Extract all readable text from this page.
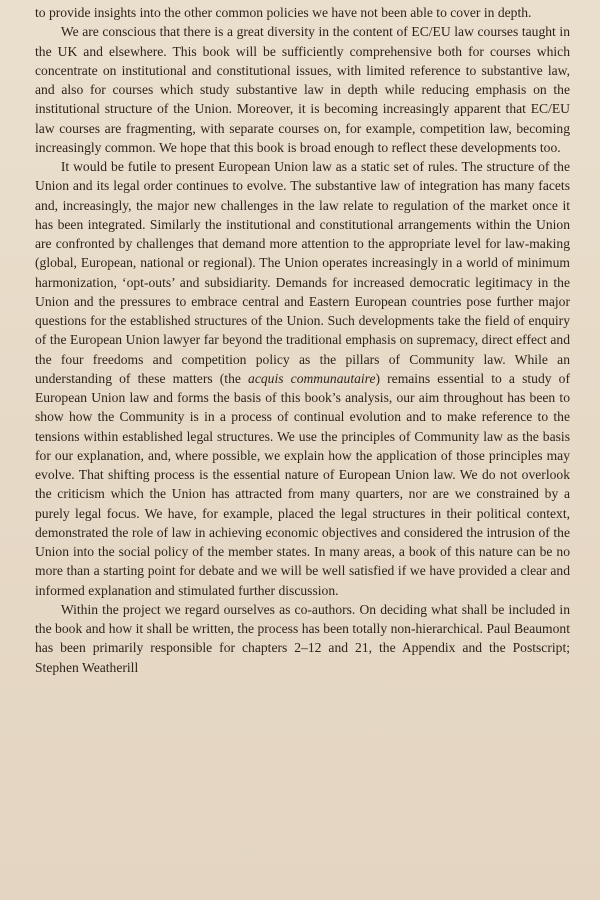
to provide insights into the other common policies we have not been able to cover in depth.

We are conscious that there is a great diversity in the content of EC/EU law courses taught in the UK and elsewhere. This book will be sufficiently comprehensive both for courses which concentrate on institutional and constitutional issues, with limited reference to substantive law, and also for courses which study substantive law in depth while reducing emphasis on the institutional structure of the Union. Moreover, it is becoming increasingly apparent that EC/EU law courses are fragmenting, with separate courses on, for example, competition law, becoming increasingly common. We hope that this book is broad enough to reflect these developments too.

It would be futile to present European Union law as a static set of rules. The structure of the Union and its legal order continues to evolve. The substantive law of integration has many facets and, increasingly, the major new challenges in the law relate to regulation of the market once it has been integrated. Similarly the institutional and constitutional arrangements within the Union are confronted by challenges that demand more attention to the appropriate level for law-making (global, European, national or regional). The Union operates increasingly in a world of minimum harmonization, ‘opt-outs’ and subsidiarity. Demands for increased democratic legitimacy in the Union and the pressures to embrace central and Eastern European countries pose further major questions for the established structures of the Union. Such developments take the field of enquiry of the European Union lawyer far beyond the traditional emphasis on supremacy, direct effect and the four freedoms and competition policy as the pillars of Community law. While an understanding of these matters (the acquis communautaire) remains essential to a study of European Union law and forms the basis of this book’s analysis, our aim throughout has been to show how the Community is in a process of continual evolution and to make reference to the tensions within established legal structures. We use the principles of Community law as the basis for our explanation, and, where possible, we explain how the application of those principles may evolve. That shifting process is the essential nature of European Union law. We do not overlook the criticism which the Union has attracted from many quarters, nor are we constrained by a purely legal focus. We have, for example, placed the legal structures in their political context, demonstrated the role of law in achieving economic objectives and considered the intrusion of the Union into the social policy of the member states. In many areas, a book of this nature can be no more than a starting point for debate and we will be well satisfied if we have provided a clear and informed explanation and stimulated further discussion.

Within the project we regard ourselves as co-authors. On deciding what shall be included in the book and how it shall be written, the process has been totally non-hierarchical. Paul Beaumont has been primarily responsible for chapters 2–12 and 21, the Appendix and the Postscript; Stephen Weatherill
